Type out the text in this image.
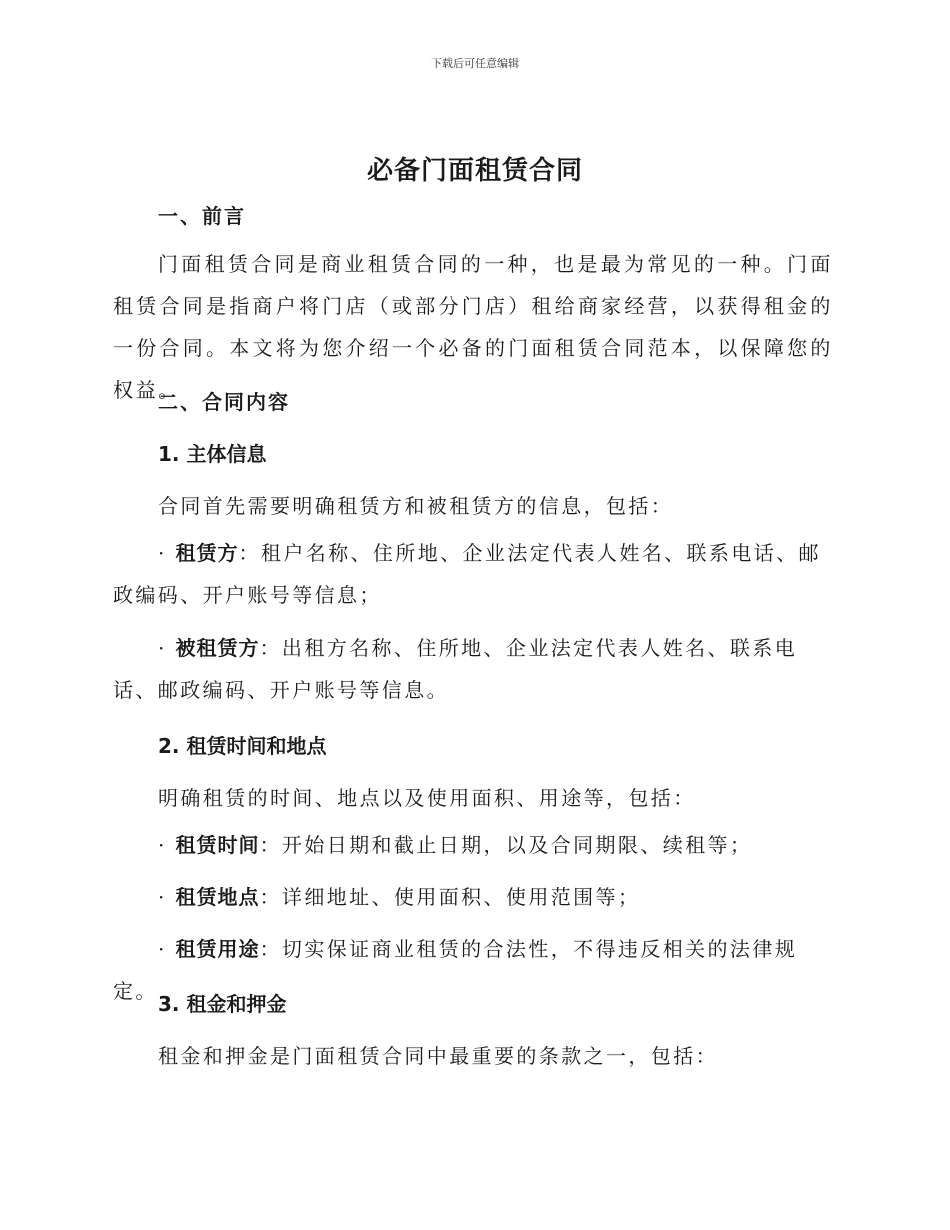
下载后可任意编辑
必备门面租赁合同
一、前言
门面租赁合同是商业租赁合同的一种，也是最为常见的一种。门面租赁合同是指商户将门店（或部分门店）租给商家经营，以获得租金的一份合同。本文将为您介绍一个必备的门面租赁合同范本，以保障您的权益。
二、合同内容
1. 主体信息
合同首先需要明确租赁方和被租赁方的信息，包括：
· 租赁方：租户名称、住所地、企业法定代表人姓名、联系电话、邮政编码、开户账号等信息；
· 被租赁方：出租方名称、住所地、企业法定代表人姓名、联系电话、邮政编码、开户账号等信息。
2. 租赁时间和地点
明确租赁的时间、地点以及使用面积、用途等，包括：
· 租赁时间：开始日期和截止日期，以及合同期限、续租等；
· 租赁地点：详细地址、使用面积、使用范围等；
· 租赁用途：切实保证商业租赁的合法性，不得违反相关的法律规定。
3. 租金和押金
租金和押金是门面租赁合同中最重要的条款之一，包括：
